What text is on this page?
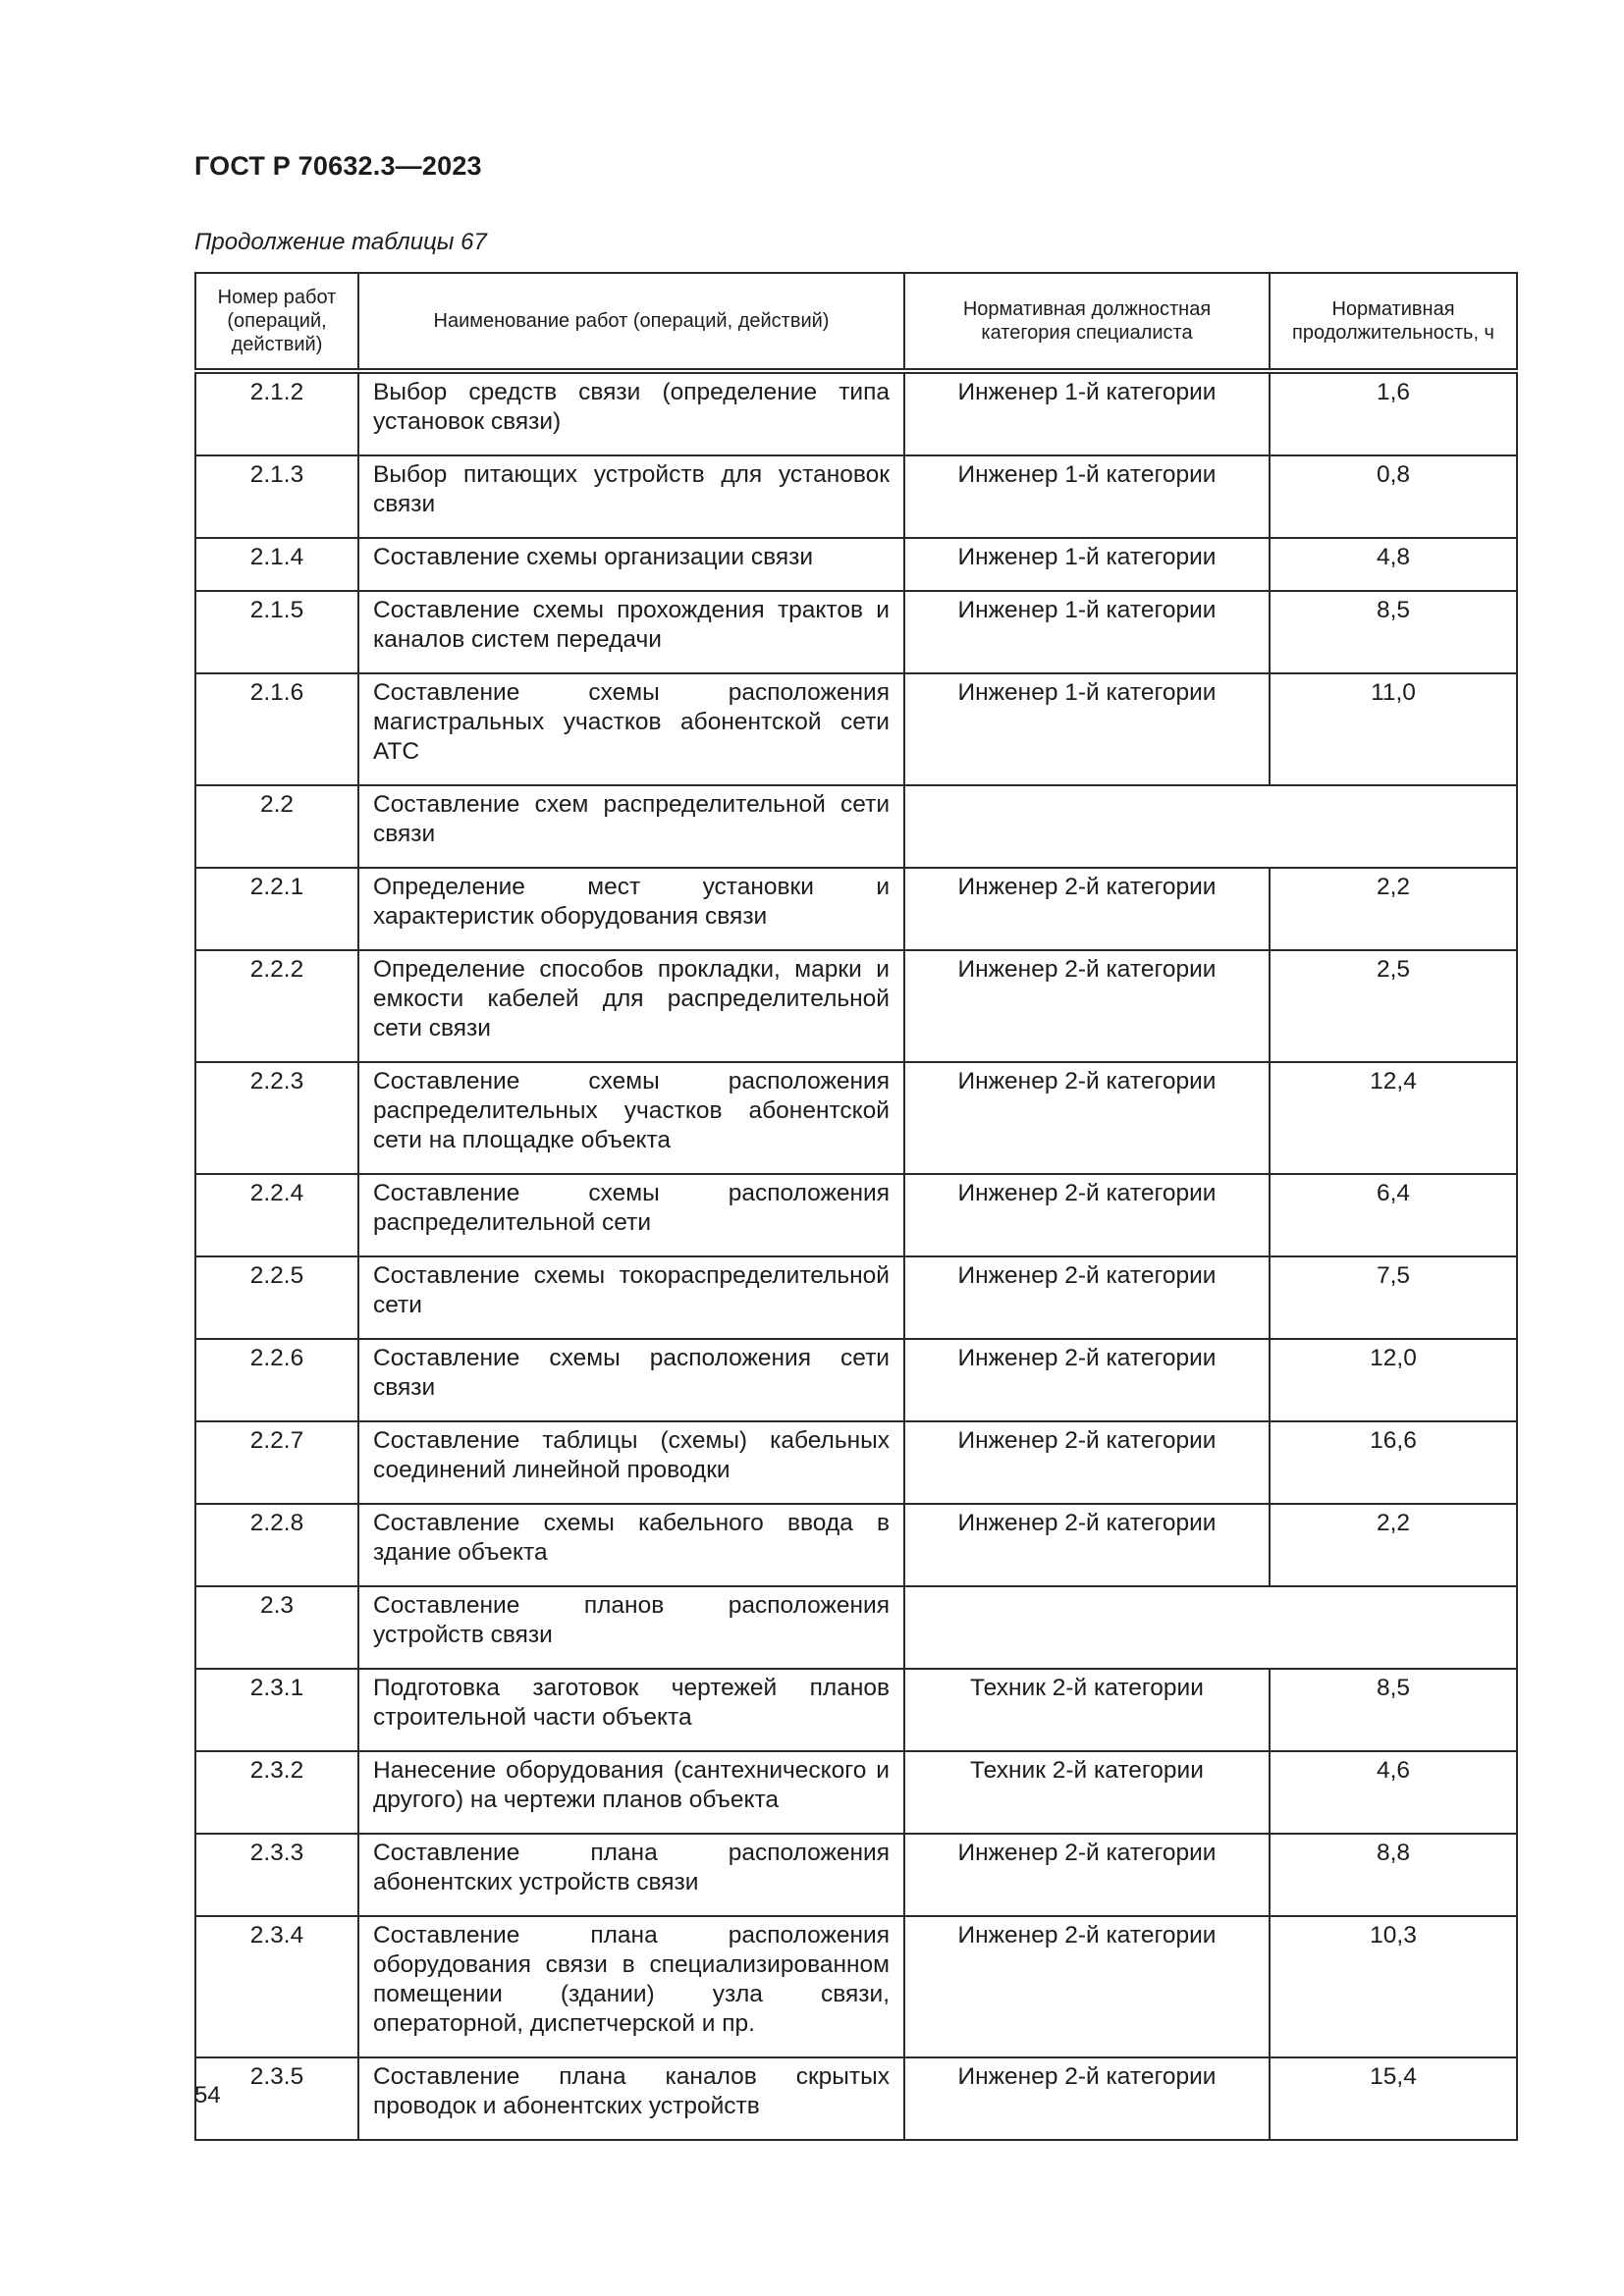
ГОСТ Р 70632.3—2023
Продолжение таблицы 67
Номер работ (операций, действий)	Наименование работ (операций, действий)	Нормативная должностная категория специалиста	Нормативная продолжительность, ч
2.1.2	Выбор средств связи (определение типа установок связи)	Инженер 1-й категории	1,6
2.1.3	Выбор питающих устройств для установок связи	Инженер 1-й категории	0,8
2.1.4	Составление схемы организации связи	Инженер 1-й категории	4,8
2.1.5	Составление схемы прохождения трактов и каналов систем передачи	Инженер 1-й категории	8,5
2.1.6	Составление схемы расположения магистральных участков абонентской сети АТС	Инженер 1-й категории	11,0
2.2	Составление схем распределительной сети связи		
2.2.1	Определение мест установки и характеристик оборудования связи	Инженер 2-й категории	2,2
2.2.2	Определение способов прокладки, марки и емкости кабелей для распределительной сети связи	Инженер 2-й категории	2,5
2.2.3	Составление схемы расположения распределительных участков абонентской сети на площадке объекта	Инженер 2-й категории	12,4
2.2.4	Составление схемы расположения распределительной сети	Инженер 2-й категории	6,4
2.2.5	Составление схемы токораспределительной сети	Инженер 2-й категории	7,5
2.2.6	Составление схемы расположения сети связи	Инженер 2-й категории	12,0
2.2.7	Составление таблицы (схемы) кабельных соединений линейной проводки	Инженер 2-й категории	16,6
2.2.8	Составление схемы кабельного ввода в здание объекта	Инженер 2-й категории	2,2
2.3	Составление планов расположения устройств связи		
2.3.1	Подготовка заготовок чертежей планов строительной части объекта	Техник 2-й категории	8,5
2.3.2	Нанесение оборудования (сантехнического и другого) на чертежи планов объекта	Техник 2-й категории	4,6
2.3.3	Составление плана расположения абонентских устройств связи	Инженер 2-й категории	8,8
2.3.4	Составление плана расположения оборудования связи в специализированном помещении (здании) узла связи, операторной, диспетчерской и пр.	Инженер 2-й категории	10,3
2.3.5	Составление плана каналов скрытых проводок и абонентских устройств	Инженер 2-й категории	15,4
54
